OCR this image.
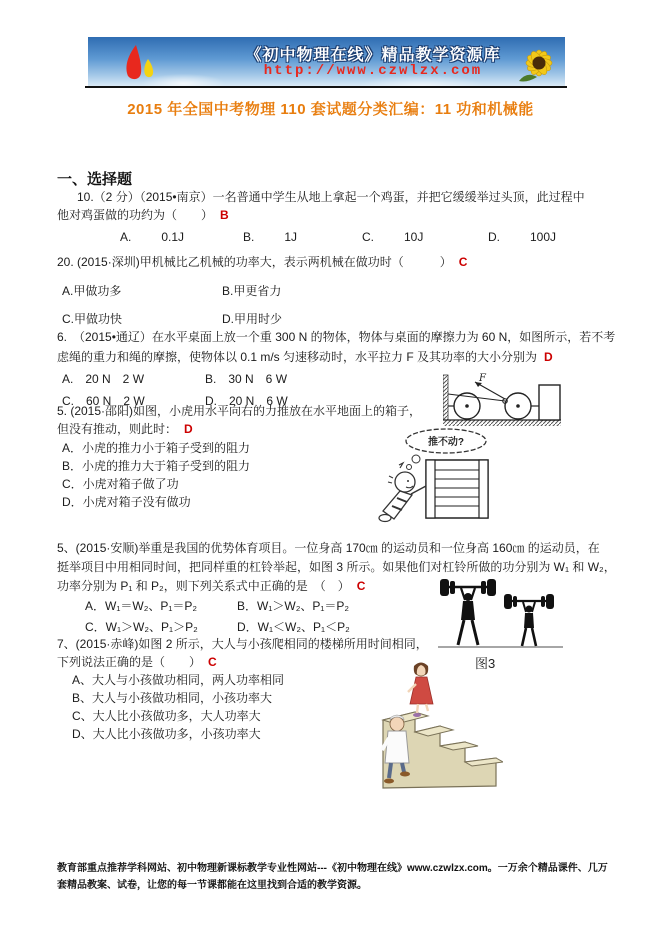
《初中物理在线》精品教学资源库
http://www.czwlzx.com
2015 年全国中考物理 110 套试题分类汇编：11 功和机械能
一、选择题
10.（2 分）（2015•南京）一名普通中学生从地上拿起一个鸡蛋，并把它缓缓举过头顶，此过程中
他对鸡蛋做的功约为（　　） B
A.	0.1J	B.	1J	C.	10J	D.	100J
20. (2015·深圳)甲机械比乙机械的功率大，表示两机械在做功时（　　　） C
A.甲做功多	B.甲更省力
C.甲做功快	D.甲用时少
6.　（2015•通辽）在水平桌面上放一个重 300 N 的物体，物体与桌面的摩擦力为 60 N，如图所示，若不考
虑绳的重力和绳的摩擦，使物体以 0.1 m/s 匀速移动时，水平拉力 F 及其功率的大小分别为 D
A.　20 N　2 W	B.　30 N　6 W
C.　60 N　2 W	D.　20 N　6 W
F
5. (2015·邵阳)如图，小虎用水平向右的力推放在水平地面上的箱子，
但没有推动，则此时： D
A．小虎的推力小于箱子受到的阻力
B．小虎的推力大于箱子受到的阻力
C．小虎对箱子做了功
D．小虎对箱子没有做功
推不动?
5、(2015·安顺)举重是我国的优势体育项目。一位身高 170㎝ 的运动员和一位身高 160㎝ 的运动员，在
挺举项目中用相同时间，把同样重的杠铃举起，如图 3 所示。如果他们对杠铃所做的功分别为 W₁ 和 W₂，
功率分别为 P₁ 和 P₂，则下列关系式中正确的是　（　） C
A．W₁＝W₂、P₁＝P₂	B．W₁＞W₂、P₁＝P₂
C．W₁＞W₂、P₁＞P₂	D．W₁＜W₂、P₁＜P₂
图3
7、(2015·赤峰)如图 2 所示，大人与小孩爬相同的楼梯所用时间相同，
下列说法正确的是（　　） C
A、大人与小孩做功相同，两人功率相同
B、大人与小孩做功相同，小孩功率大
C、大人比小孩做功多，大人功率大
D、大人比小孩做功多，小孩功率大
教育部重点推荐学科网站、初中物理新课标教学专业性网站---《初中物理在线》www.czwlzx.com。一万余个精品课件、几万套精品教案、试卷，让您的每一节课都能在这里找到合适的教学资源。
